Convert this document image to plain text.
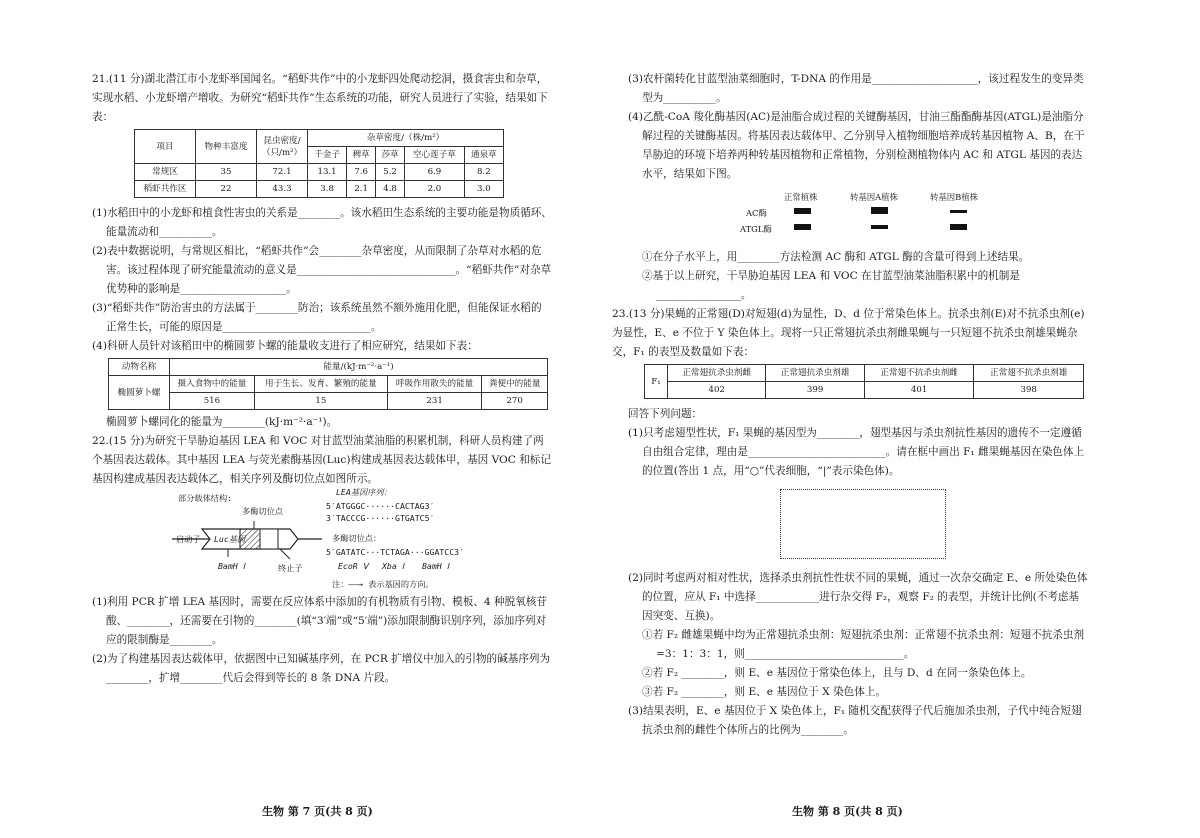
21.(11 分)湖北潜江市小龙虾举国闻名。“稻虾共作”中的小龙虾四处爬动挖洞，摄食害虫和杂草，实现水稻、小龙虾增产增收。为研究“稻虾共作”生态系统的功能，研究人员进行了实验，结果如下表：

项目	物种丰富度	昆虫密度/（只/m²）	杂草密度/（株/m²）				
			千金子	稗草	莎草	空心莲子草	通泉草
常规区	35	72.1	13.1	7.6	5.2	6.9	8.2
稻虾共作区	22	43.3	3.8	2.1	4.8	2.0	3.0

(1)水稻田中的小龙虾和植食性害虫的关系是________。该水稻田生态系统的主要功能是物质循环、能量流动和__________。

(2)表中数据说明，与常规区相比，“稻虾共作”会________杂草密度，从而限制了杂草对水稻的危害。该过程体现了研究能量流动的意义是______________________________。“稻虾共作”对杂草优势种的影响是____________________。

(3)“稻虾共作”防治害虫的方法属于________防治；该系统虽然不额外施用化肥，但能保证水稻的正常生长，可能的原因是____________________________。

(4)科研人员针对该稻田中的椭圆萝卜螺的能量收支进行了相应研究，结果如下表：

动物名称	能量/(kJ·m⁻²·a⁻¹)			
椭圆萝卜螺	摄入食物中的能量	用于生长、发育、繁殖的能量	呼吸作用散失的能量	粪便中的能量
	516	15	231	270

椭圆萝卜螺同化的能量为________(kJ·m⁻²·a⁻¹)。

22.(15 分)为研究干旱胁迫基因 LEA 和 VOC 对甘蓝型油菜油脂的积累机制，科研人员构建了两个基因表达载体。其中基因 LEA 与荧光素酶基因(Luc)构建成基因表达载体甲，基因 VOC 和标记基因构建成基因表达载体乙，相关序列及酶切位点如图所示。

部分载体结构:
多酶切位点
启动子 Luc基因
BamH Ⅰ	终止子
LEA基因序列：
5′ATGGGC······CACTAG3′
3′TACCCG······GTGATC5′
多酶切位点：
5′GATATC···TCTAGA···GGATCC3′
EcoR Ⅴ Xba Ⅰ BamH Ⅰ
注：——→ 表示基因的方向。

(1)利用 PCR 扩增 LEA 基因时，需要在反应体系中添加的有机物质有引物、模板、4 种脱氧核苷酸、________，还需要在引物的________(填“3′端”或“5′端”)添加限制酶识别序列，添加序列对应的限制酶是________。

(2)为了构建基因表达载体甲，依据图中已知碱基序列，在 PCR 扩增仪中加入的引物的碱基序列为________，扩增________代后会得到等长的 8 条 DNA 片段。

(3)农杆菌转化甘蓝型油菜细胞时，T-DNA 的作用是____________________，该过程发生的变异类型为__________。

(4)乙酰-CoA 羧化酶基因(AC)是油脂合成过程的关键酶基因，甘油三酯酯酶基因(ATGL)是油脂分解过程的关键酶基因。将基因表达载体甲、乙分别导入植物细胞培养成转基因植物 A、B，在干旱胁迫的环境下培养两种转基因植物和正常植物，分别检测植物体内 AC 和 ATGL 基因的表达水平，结果如下图。

正常植株	转基因A植株	转基因B植株
AC酶
ATGL酶

①在分子水平上，用________方法检测 AC 酶和 ATGL 酶的含量可得到上述结果。

②基于以上研究，干旱胁迫基因 LEA 和 VOC 在甘蓝型油菜油脂积累中的机制是________________。

23.(13 分)果蝇的正常翅(D)对短翅(d)为显性，D、d 位于常染色体上。抗杀虫剂(E)对不抗杀虫剂(e)为显性，E、e 不位于 Y 染色体上。现将一只正常翅抗杀虫剂雌果蝇与一只短翅不抗杀虫剂雄果蝇杂交，F₁ 的表型及数量如下表：

F₁	正常翅抗杀虫剂雌	正常翅抗杀虫剂雄	正常翅不抗杀虫剂雌	正常翅不抗杀虫剂雄
	402	399	401	398

回答下列问题：

(1)只考虑翅型性状，F₁ 果蝇的基因型为________，翅型基因与杀虫剂抗性基因的遗传不一定遵循自由组合定律，理由是__________________________。请在框中画出 F₁ 雌果蝇基因在染色体上的位置(答出 1 点，用“○”代表细胞，“|”表示染色体)。

(2)同时考虑两对相对性状，选择杀虫剂抗性性状不同的果蝇，通过一次杂交确定 E、e 所处染色体的位置，应从 F₁ 中选择____________进行杂交得 F₂，观察 F₂ 的表型，并统计比例(不考虑基因突变、互换)。

①若 F₂ 雌雄果蝇中均为正常翅抗杀虫剂：短翅抗杀虫剂：正常翅不抗杀虫剂：短翅不抗杀虫剂=3：1：3：1，则______________________________。

②若 F₂ ________，则 E、e 基因位于常染色体上，且与 D、d 在同一条染色体上。

③若 F₂ ________，则 E、e 基因位于 X 染色体上。

(3)结果表明，E、e 基因位于 X 染色体上，F₁ 随机交配获得子代后施加杀虫剂，子代中纯合短翅抗杀虫剂的雌性个体所占的比例为________。

生物 第 7 页(共 8 页)	生物 第 8 页(共 8 页)
